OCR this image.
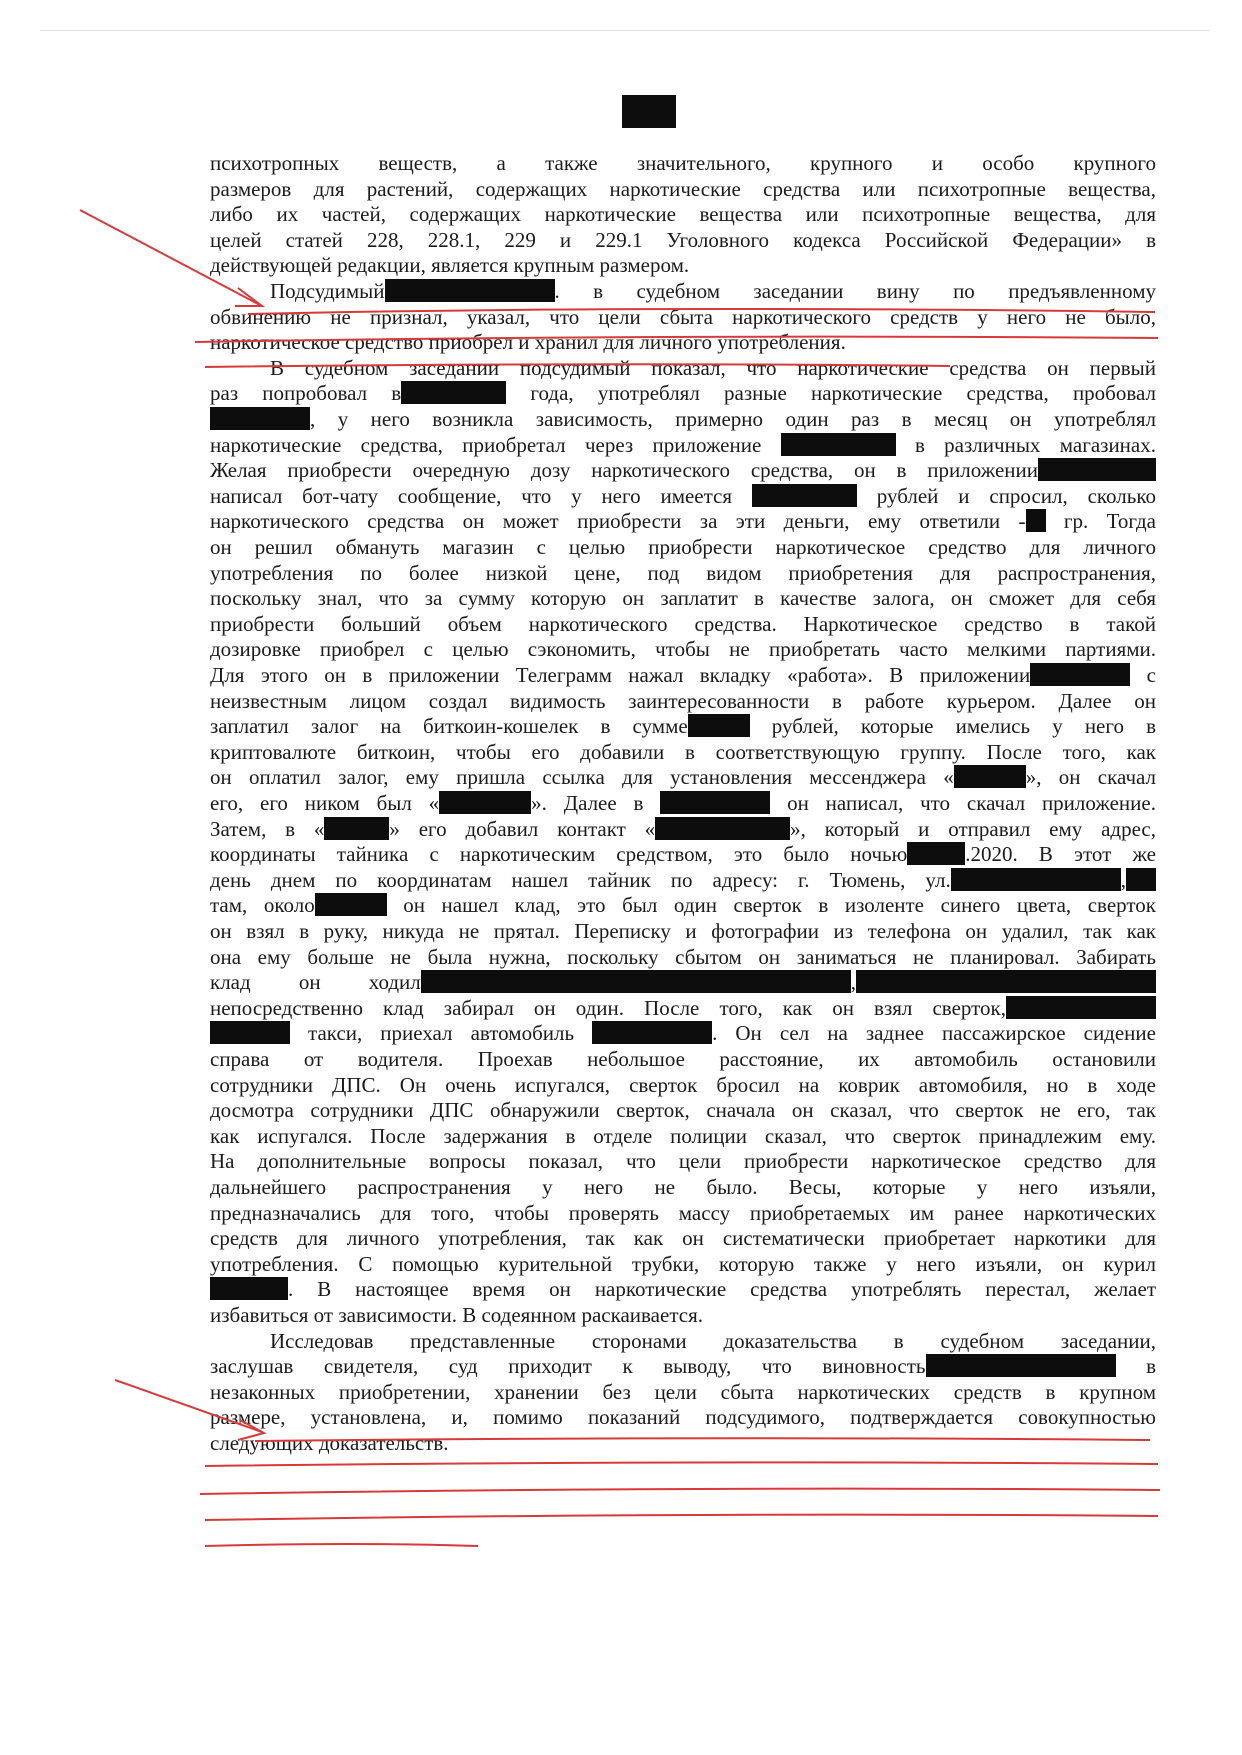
психотропных веществ, а также значительного, крупного и особо крупного
размеров для растений, содержащих наркотические средства или психотропные вещества,
либо их частей, содержащих наркотические вещества или психотропные вещества, для
целей статей 228, 228.1, 229 и 229.1 Уголовного кодекса Российской Федерации» в
действующей редакции, является крупным размером.
Подсудимый	. в судебном заседании вину по предъявленному
обвинению не признал, указал, что цели сбыта наркотического средств у него не было,
наркотическое средство приобрел и хранил для личного употребления.
В судебном заседании подсудимый показал, что наркотические средства он первый
раз попробовал в	года, употреблял разные наркотические средства, пробовал
, у него возникла зависимость, примерно один раз в месяц он употреблял
наркотические средства, приобретал через приложение	в различных магазинах.
Желая приобрести очередную дозу наркотического средства, он в приложении
написал бот-чату сообщение, что у него имеется	рублей и спросил, сколько
наркотического средства он может приобрести за эти деньги, ему ответили - гр. Тогда
он решил обмануть магазин с целью приобрести наркотическое средство для личного
употребления по более низкой цене, под видом приобретения для распространения,
поскольку знал, что за сумму которую он заплатит в качестве залога, он сможет для себя
приобрести больший объем наркотического средства. Наркотическое средство в такой
дозировке приобрел с целью сэкономить, чтобы не приобретать часто мелкими партиями.
Для этого он в приложении Телеграмм нажал вкладку «работа». В приложении	с
неизвестным лицом создал видимость заинтересованности в работе курьером. Далее он
заплатил залог на биткоин-кошелек в сумме	рублей, которые имелись у него в
криптовалюте биткоин, чтобы его добавили в соответствующую группу. После того, как
он оплатил залог, ему пришла ссылка для установления мессенджера «	», он скачал
его, его ником был «	». Далее в	он написал, что скачал приложение.
Затем, в «	» его добавил контакт «	», который и отправил ему адрес,
координаты тайника с наркотическим средством, это было ночью	.2020. В этот же
день днем по координатам нашел тайник по адресу: г. Тюмень, ул.	,
там, около	он нашел клад, это был один сверток в изоленте синего цвета, сверток
он взял в руку, никуда не прятал. Переписку и фотографии из телефона он удалил, так как
она ему больше не была нужна, поскольку сбытом он заниматься не планировал. Забирать
клад он ходил	,
непосредственно клад забирал он один. После того, как он взял сверток,
такси, приехал автомобиль	. Он сел на заднее пассажирское сидение
справа от водителя. Проехав небольшое расстояние, их автомобиль остановили
сотрудники ДПС. Он очень испугался, сверток бросил на коврик автомобиля, но в ходе
досмотра сотрудники ДПС обнаружили сверток, сначала он сказал, что сверток не его, так
как испугался. После задержания в отделе полиции сказал, что сверток принадлежим ему.
На дополнительные вопросы показал, что цели приобрести наркотическое средство для
дальнейшего распространения у него не было. Весы, которые у него изъяли,
предназначались для того, чтобы проверять массу приобретаемых им ранее наркотических
средств для личного употребления, так как он систематически приобретает наркотики для
употребления. С помощью курительной трубки, которую также у него изъяли, он курил
. В настоящее время он наркотические средства употреблять перестал, желает
избавиться от зависимости. В содеянном раскаивается.
Исследовав представленные сторонами доказательства в судебном заседании,
заслушав свидетеля, суд приходит к выводу, что виновность	в
незаконных приобретении, хранении без цели сбыта наркотических средств в крупном
размере, установлена, и, помимо показаний подсудимого, подтверждается совокупностью
следующих доказательств.
